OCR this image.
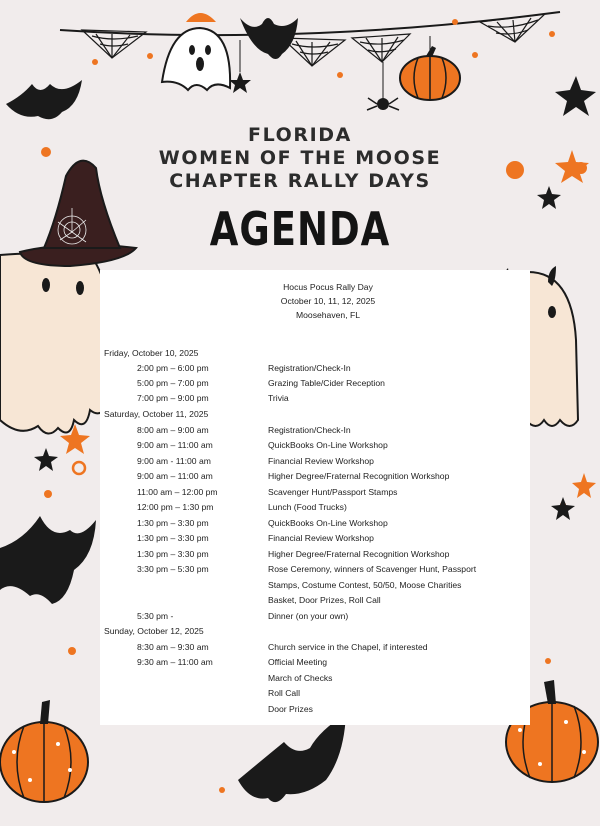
FLORIDA
WOMEN OF THE MOOSE
CHAPTER RALLY DAYS
AGENDA
Hocus Pocus Rally Day
October 10, 11, 12, 2025
Moosehaven, FL
Friday, October 10, 2025
2:00 pm – 6:00 pm	Registration/Check-In
5:00 pm – 7:00 pm	Grazing Table/Cider Reception
7:00 pm – 9:00 pm	Trivia
Saturday, October 11, 2025
8:00 am – 9:00 am	Registration/Check-In
9:00 am – 11:00 am	QuickBooks On-Line Workshop
9:00 am - 11:00 am	Financial Review Workshop
9:00 am – 11:00 am	Higher Degree/Fraternal Recognition Workshop
11:00 am – 12:00 pm	Scavenger Hunt/Passport Stamps
12:00 pm – 1:30 pm	Lunch (Food Trucks)
1:30 pm – 3:30 pm	QuickBooks On-Line Workshop
1:30 pm – 3:30 pm	Financial Review Workshop
1:30 pm – 3:30 pm	Higher Degree/Fraternal Recognition Workshop
3:30 pm – 5:30 pm	Rose Ceremony, winners of Scavenger Hunt, Passport
Stamps, Costume Contest, 50/50, Moose Charities
Basket, Door Prizes, Roll Call
5:30 pm -	Dinner (on your own)
Sunday, October 12, 2025
8:30 am – 9:30 am	Church service in the Chapel, if interested
9:30 am – 11:00 am	Official Meeting
March of Checks
Roll Call
Door Prizes
